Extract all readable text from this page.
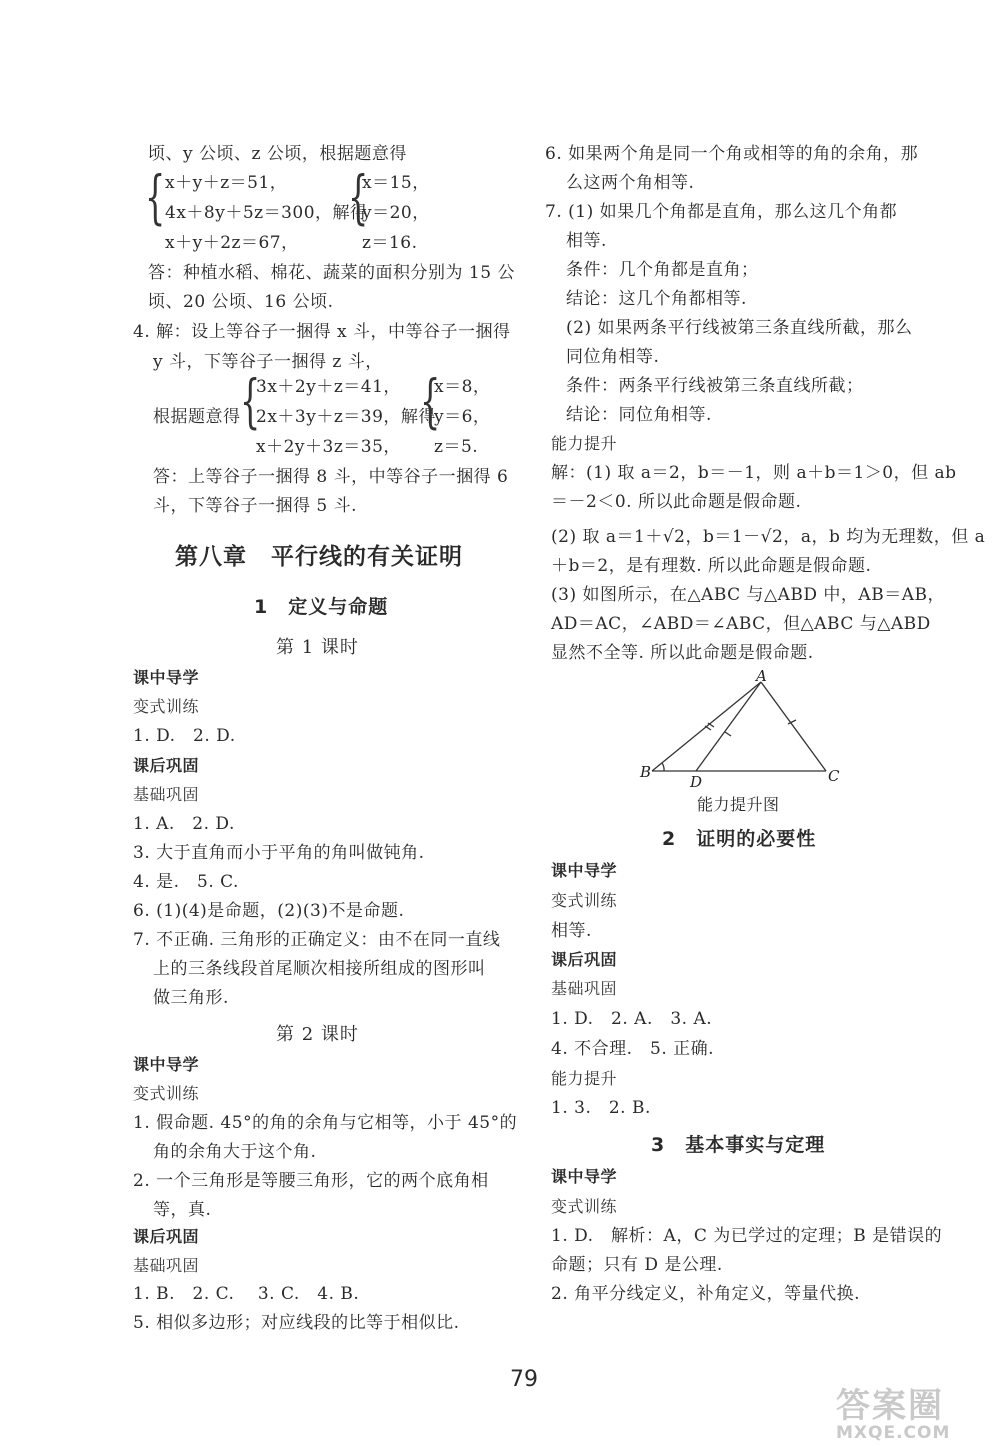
顷、y 公顷、z 公顷，根据题意得
{ x＋y＋z＝51，
4x＋8y＋5z＝300，解得
x＋y＋2z＝67，
{
x＝15，
y＝20，
z＝16.
答：种植水稻、棉花、蔬菜的面积分别为 15 公
顷、20 公顷、16 公顷.
4. 解：设上等谷子一捆得 x 斗，中等谷子一捆得
y 斗，下等谷子一捆得 z 斗，
根据题意得 {
3x＋2y＋z＝41，
2x＋3y＋z＝39，解得
x＋2y＋3z＝35，
{
x＝8，
y＝6，
z＝5.
答：上等谷子一捆得 8 斗，中等谷子一捆得 6
斗，下等谷子一捆得 5 斗.
第八章　平行线的有关证明
1　定义与命题
第 1 课时
课中导学
变式训练
1. D.　2. D.
课后巩固
基础巩固
1. A.　2. D.
3. 大于直角而小于平角的角叫做钝角.
4. 是.　5. C.
6. (1)(4)是命题，(2)(3)不是命题.
7. 不正确. 三角形的正确定义：由不在同一直线
上的三条线段首尾顺次相接所组成的图形叫
做三角形.
第 2 课时
课中导学
变式训练
1. 假命题. 45°的角的余角与它相等，小于 45°的
角的余角大于这个角.
2. 一个三角形是等腰三角形，它的两个底角相
等，真.
课后巩固
基础巩固
1. B.　2. C.　 3. C.　4. B.
5. 相似多边形；对应线段的比等于相似比.
6. 如果两个角是同一个角或相等的角的余角，那
么这两个角相等.
7. (1) 如果几个角都是直角，那么这几个角都
相等.
条件：几个角都是直角；
结论：这几个角都相等.
(2) 如果两条平行线被第三条直线所截，那么
同位角相等.
条件：两条平行线被第三条直线所截；
结论：同位角相等.
能力提升
解：(1) 取 a＝2，b＝－1，则 a＋b＝1＞0，但 ab
＝－2＜0. 所以此命题是假命题.
(2) 取 a＝1＋√2，b＝1－√2，a，b 均为无理数，但 a
＋b＝2，是有理数. 所以此命题是假命题.
(3) 如图所示，在△ABC 与△ABD 中，AB＝AB，
AD＝AC，∠ABD＝∠ABC，但△ABC 与△ABD
显然不全等. 所以此命题是假命题.
A
B	C
D
能力提升图
2　证明的必要性
课中导学
变式训练
相等.
课后巩固
基础巩固
1. D.　2. A.　3. A.
4. 不合理.　5. 正确.
能力提升
1. 3.　2. B.
3　基本事实与定理
课中导学
变式训练
1. D.　解析：A，C 为已学过的定理；B 是错误的
命题；只有 D 是公理.
2. 角平分线定义，补角定义，等量代换.
79
答案圈
MXQE.COM
